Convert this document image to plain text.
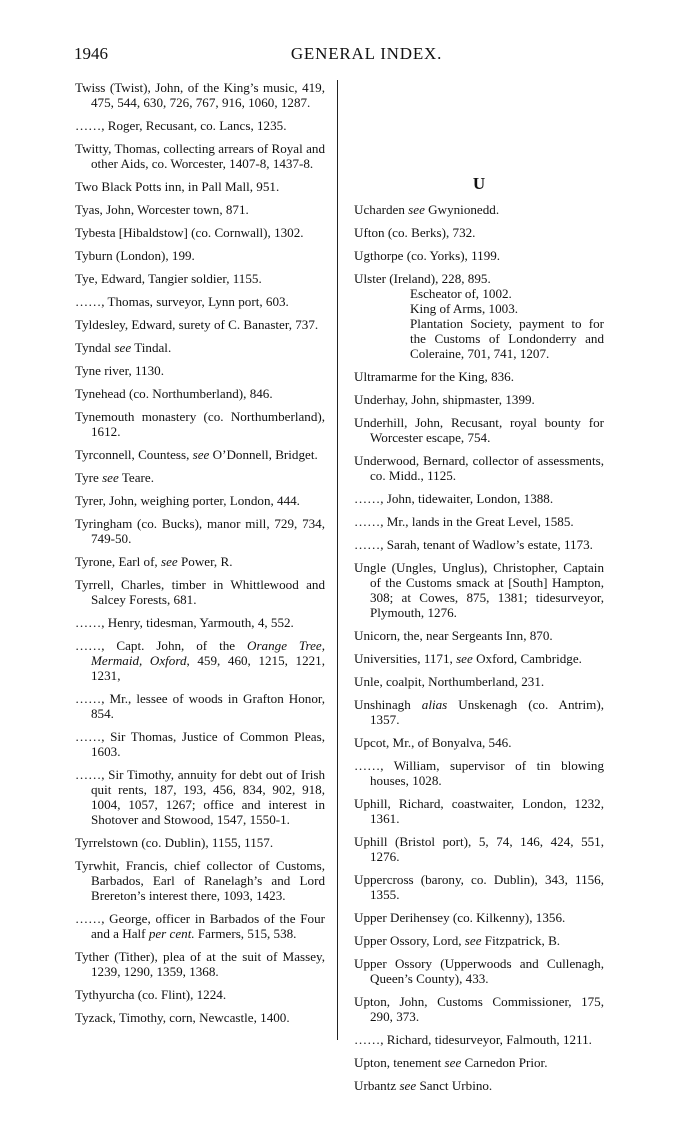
1946	GENERAL INDEX.
Twiss (Twist), John, of the King’s music, 419, 475, 544, 630, 726, 767, 916, 1060, 1287.
……, Roger, Recusant, co. Lancs, 1235.
Twitty, Thomas, collecting arrears of Royal and other Aids, co. Worcester, 1407-8, 1437-8.
Two Black Potts inn, in Pall Mall, 951.
Tyas, John, Worcester town, 871.
Tybesta [Hibaldstow] (co. Cornwall), 1302.
Tyburn (London), 199.
Tye, Edward, Tangier soldier, 1155.
……, Thomas, surveyor, Lynn port, 603.
Tyldesley, Edward, surety of C. Banaster, 737.
Tyndal see Tindal.
Tyne river, 1130.
Tynehead (co. Northumberland), 846.
Tynemouth monastery (co. Northumberland), 1612.
Tyrconnell, Countess, see O’Donnell, Bridget.
Tyre see Teare.
Tyrer, John, weighing porter, London, 444.
Tyringham (co. Bucks), manor mill, 729, 734, 749-50.
Tyrone, Earl of, see Power, R.
Tyrrell, Charles, timber in Whittlewood and Salcey Forests, 681.
……, Henry, tidesman, Yarmouth, 4, 552.
……, Capt. John, of the Orange Tree, Mermaid, Oxford, 459, 460, 1215, 1221, 1231,
……, Mr., lessee of woods in Grafton Honor, 854.
……, Sir Thomas, Justice of Common Pleas, 1603.
……, Sir Timothy, annuity for debt out of Irish quit rents, 187, 193, 456, 834, 902, 918, 1004, 1057, 1267; office and interest in Shotover and Stowood, 1547, 1550-1.
Tyrrelstown (co. Dublin), 1155, 1157.
Tyrwhit, Francis, chief collector of Customs, Barbados, Earl of Ranelagh’s and Lord Brereton’s interest there, 1093, 1423.
……, George, officer in Barbados of the Four and a Half per cent. Farmers, 515, 538.
Tyther (Tither), plea of at the suit of Massey, 1239, 1290, 1359, 1368.
Tythyurcha (co. Flint), 1224.
Tyzack, Timothy, corn, Newcastle, 1400.
U
Ucharden see Gwynionedd.
Ufton (co. Berks), 732.
Ugthorpe (co. Yorks), 1199.
Ulster (Ireland), 228, 895.
Escheator of, 1002.
King of Arms, 1003.
Plantation Society, payment to for the Customs of Londonderry and Coleraine, 701, 741, 1207.
Ultramarme for the King, 836.
Underhay, John, shipmaster, 1399.
Underhill, John, Recusant, royal bounty for Worcester escape, 754.
Underwood, Bernard, collector of assessments, co. Midd., 1125.
……, John, tidewaiter, London, 1388.
……, Mr., lands in the Great Level, 1585.
……, Sarah, tenant of Wadlow’s estate, 1173.
Ungle (Ungles, Unglus), Christopher, Captain of the Customs smack at [South] Hampton, 308; at Cowes, 875, 1381; tidesurveyor, Plymouth, 1276.
Unicorn, the, near Sergeants Inn, 870.
Universities, 1171, see Oxford, Cambridge.
Unle, coalpit, Northumberland, 231.
Unshinagh alias Unskenagh (co. Antrim), 1357.
Upcot, Mr., of Bonyalva, 546.
……, William, supervisor of tin blowing houses, 1028.
Uphill, Richard, coastwaiter, London, 1232, 1361.
Uphill (Bristol port), 5, 74, 146, 424, 551, 1276.
Uppercross (barony, co. Dublin), 343, 1156, 1355.
Upper Derihensey (co. Kilkenny), 1356.
Upper Ossory, Lord, see Fitzpatrick, B.
Upper Ossory (Upperwoods and Cullenagh, Queen’s County), 433.
Upton, John, Customs Commissioner, 175, 290, 373.
……, Richard, tidesurveyor, Falmouth, 1211.
Upton, tenement see Carnedon Prior.
Urbantz see Sanct Urbino.
